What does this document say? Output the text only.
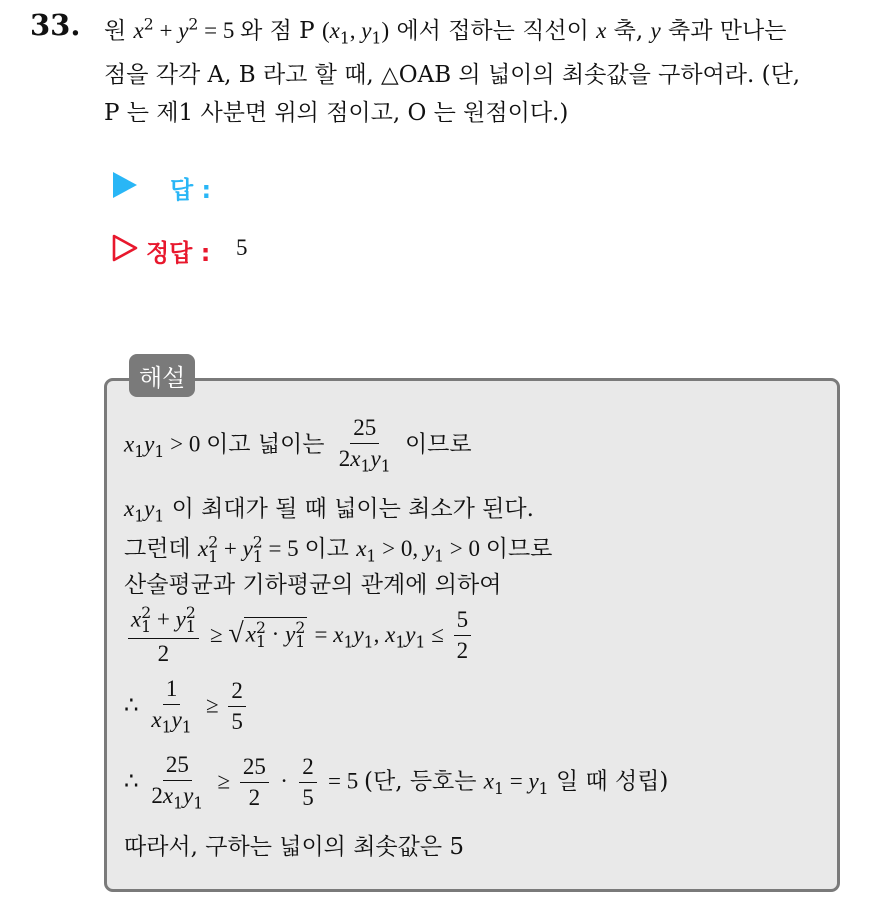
33. 원 $x^2 + y^2 = 5$ 와 점 P ($x_1$, $y_1$) 에서 접하는 직선이 x 축, y 축과 만나는
점을 각각 A, B 라고 할 때, △OAB 의 넓이의 최솟값을 구하여라. (단,
P 는 제1 사분면 위의 점이고, O 는 원점이다.)
답 :
정답 : 5
해설
$x_1y_1 > 0$ 이고 넓이는 $\frac{25}{2x_1y_1}$ 이므로
$x_1y_1$ 이 최대가 될 때 넓이는 최소가 된다.
그런데 $x^2_1 + y^2_1 = 5$ 이고 $x_1 > 0$, $y_1 > 0$ 이므로
산술평균과 기하평균의 관계에 의하여
$\frac{x^2_1 + y^2_1}{2}$ ≥ √ $x^2_1 \cdot y^2_1 = x_1y_1$, $x_1y_1 \le \frac{5}{2}$
∴ $\frac{1}{x_1y_1} \ge \frac{2}{5}$
∴ $\frac{25}{2x_1y_1} \ge \frac{25}{2} \cdot \frac{2}{5} = 5$ (단, 등호는 $x_1 = y_1$ 일 때 성립)
따라서, 구하는 넓이의 최솟값은 5
